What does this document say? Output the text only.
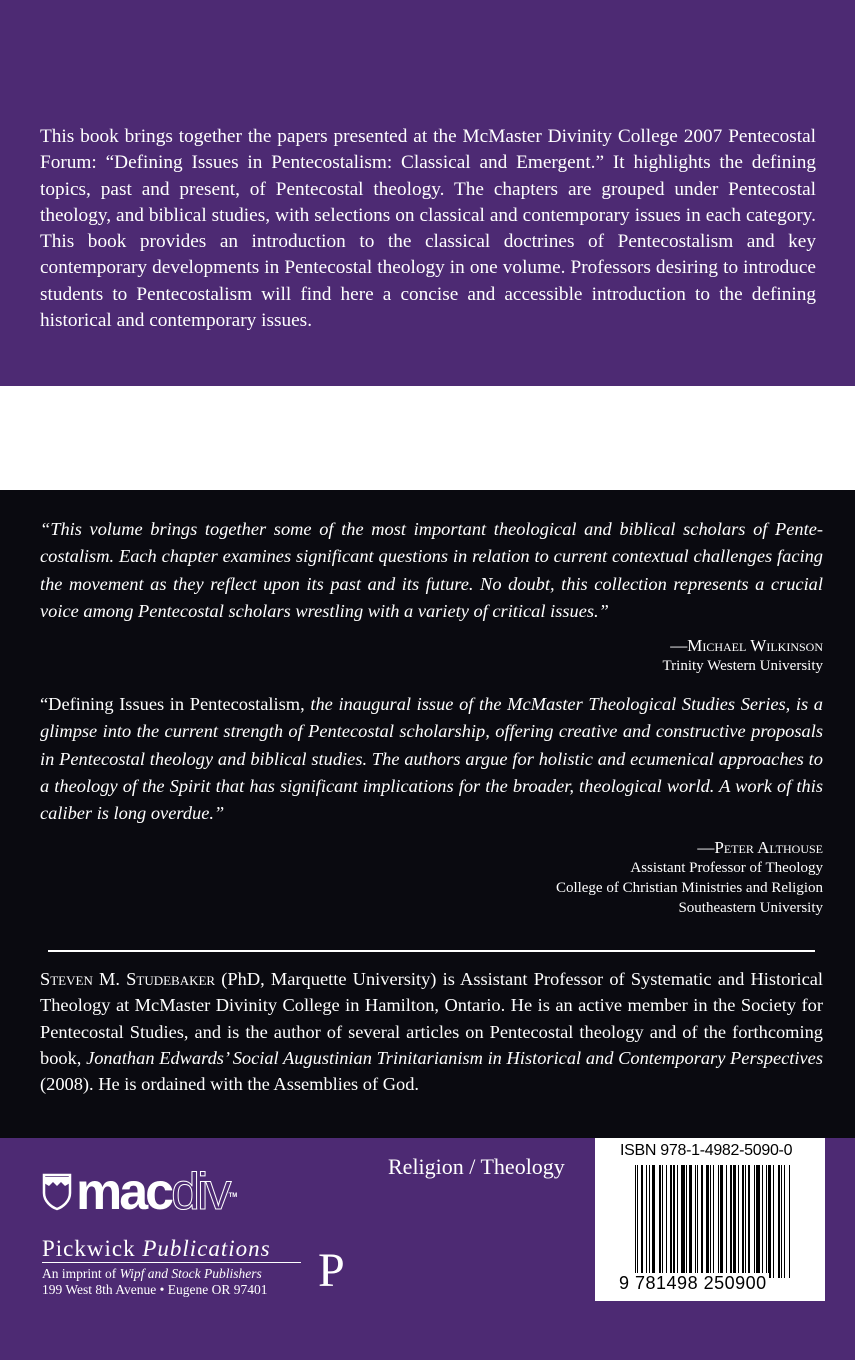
This book brings together the papers presented at the McMaster Divinity College 2007 Pentecostal Forum: “Defining Issues in Pentecostalism: Classical and Emergent.” It highlights the defining topics, past and present, of Pentecostal theology. The chapters are grouped under Pentecostal theology, and biblical studies, with selections on classical and contemporary issues in each category. This book provides an introduction to the classical doctrines of Pentecostalism and key contemporary developments in Pentecostal theology in one volume. Professors desiring to introduce students to Pentecostalism will find here a concise and accessible introduction to the defining historical and contemporary issues.

“This volume brings together some of the most important theological and biblical scholars of Pentecostalism. Each chapter examines significant questions in relation to current contextual challenges facing the movement as they reflect upon its past and its future. No doubt, this collection represents a crucial voice among Pentecostal scholars wrestling with a variety of critical issues.”

—Michael Wilkinson
Trinity Western University

“Defining Issues in Pentecostalism, the inaugural issue of the McMaster Theological Studies Series, is a glimpse into the current strength of Pentecostal scholarship, offering creative and constructive proposals in Pentecostal theology and biblical studies. The authors argue for holistic and ecumenical approaches to a theology of the Spirit that has significant implications for the broader, theological world. A work of this caliber is long overdue.”

—Peter Althouse
Assistant Professor of Theology
College of Christian Ministries and Religion
Southeastern University

Steven M. Studebaker (PhD, Marquette University) is Assistant Professor of Systematic and Historical Theology at McMaster Divinity College in Hamilton, Ontario. He is an active member in the Society for Pentecostal Studies, and is the author of several articles on Pentecostal theology and of the forthcoming book, Jonathan Edwards’ Social Augustinian Trinitarianism in Historical and Contemporary Perspectives (2008). He is ordained with the Assemblies of God.

mac div TM
Pickwick Publications
An imprint of Wipf and Stock Publishers
199 West 8th Avenue • Eugene OR 97401 P
Religion / Theology
ISBN 978-1-4982-5090-0
9 781498 250900
